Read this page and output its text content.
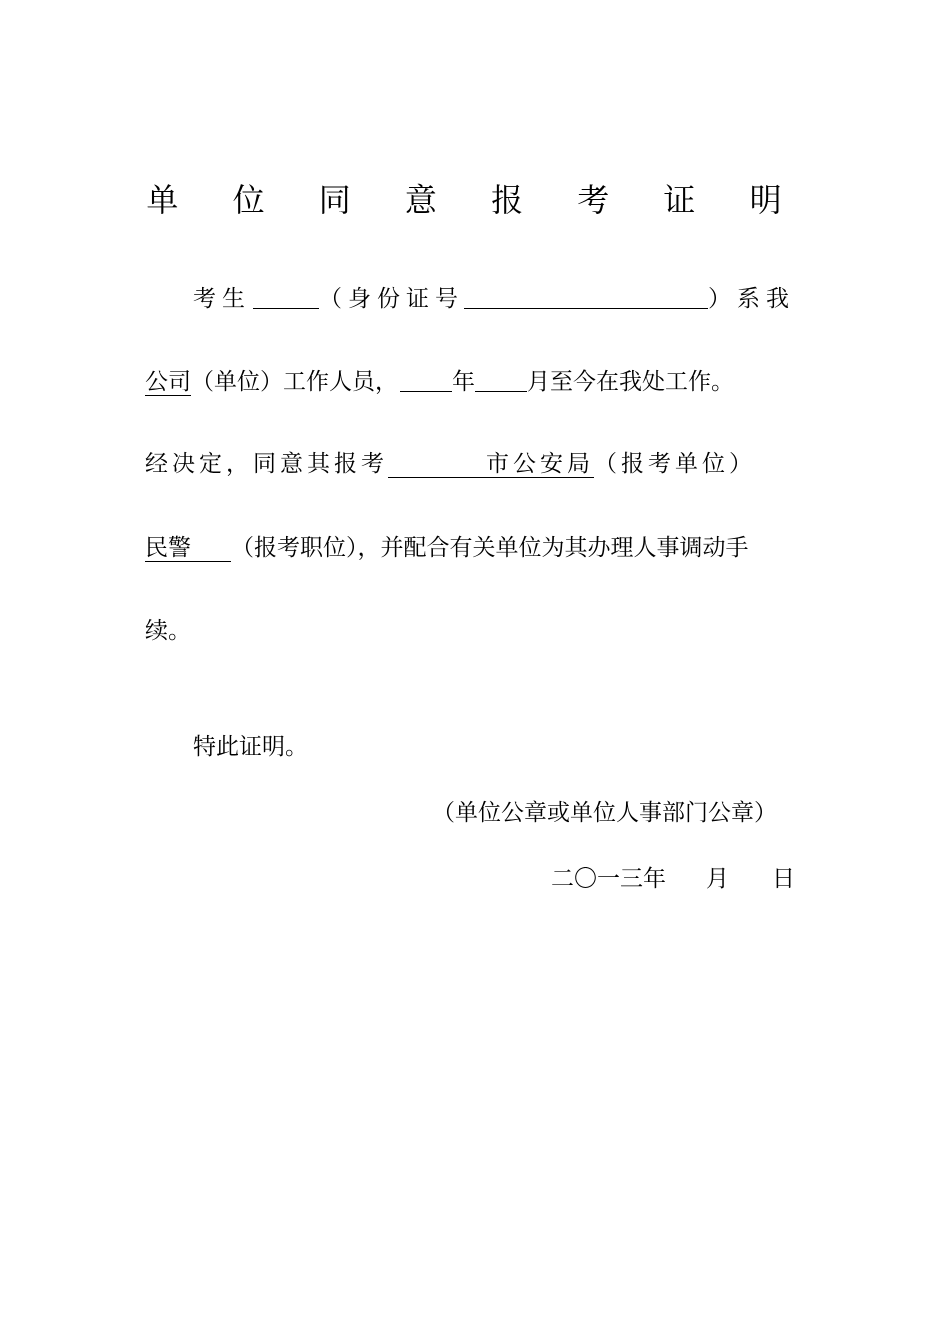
单 位 同 意 报 考 证 明
考生	（身份证号	）系我
公司（单位）工作人员， 年 月至今在我处工作。
经决定，同意其报考	市公安局（报考单位）
民警 （报考职位），并配合有关单位为其办理人事调动手
续。
特此证明。
（单位公章或单位人事部门公章）
二〇一三年 月 日
